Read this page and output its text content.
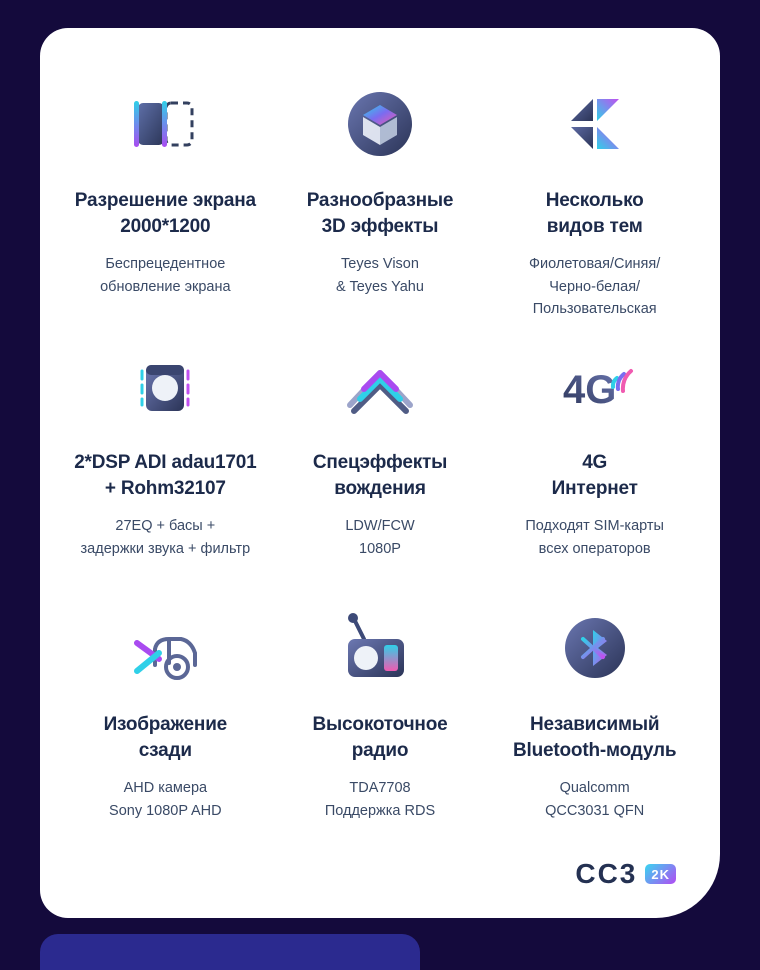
Разрешение экрана
2000*1200
Беспрецедентное
обновление экрана
Разнообразные
3D эффекты
Teyes Vison
& Teyes Yahu
Несколько
видов тем
Фиолетовая/Синяя/
Черно-белая/
Пользовательская
2*DSP ADI adau1701
+ Rohm32107
27EQ + басы +
задержки звука + фильтр
Спецэффекты
вождения
LDW/FCW
1080P
4G
4G
Интернет
Подходят SIM-карты
всех операторов
Изображение
сзади
AHD камера
Sony 1080P AHD
Высокоточное
радио
TDA7708
Поддержка RDS
Независимый
Bluetooth-модуль
Qualcomm
QCC3031 QFN
CC3	2K
